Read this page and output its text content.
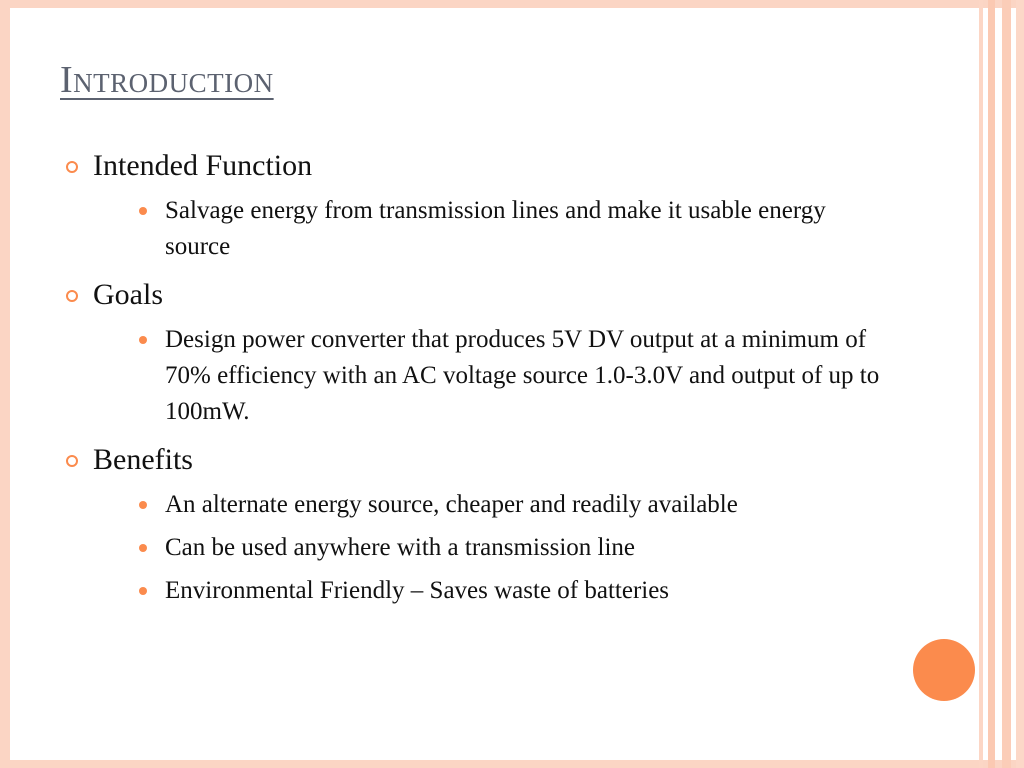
Introduction
Intended Function
Salvage energy from transmission lines and make it usable energy source
Goals
Design power converter that produces 5V DV output at a minimum of 70% efficiency with an AC voltage source 1.0-3.0V and output of up to 100mW.
Benefits
An alternate energy source, cheaper and readily available
Can be used anywhere with a transmission line
Environmental Friendly – Saves waste of batteries
